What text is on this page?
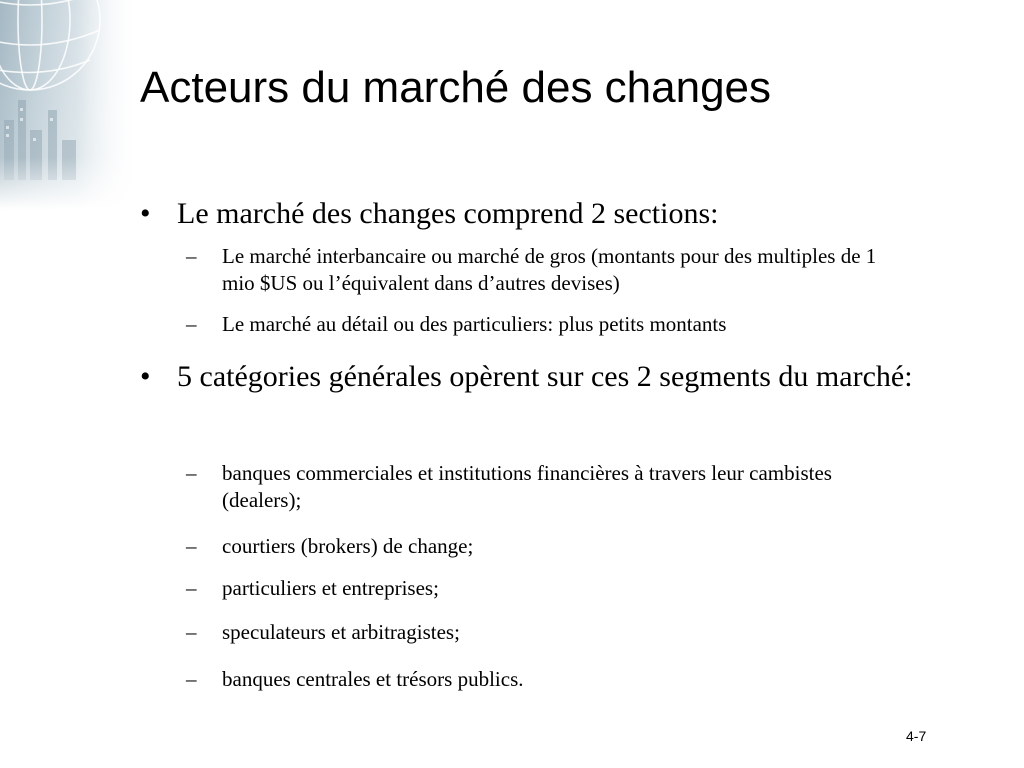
Acteurs du marché des changes
• Le marché des changes comprend 2 sections:
–	Le marché interbancaire ou marché de gros (montants pour des multiples de 1 mio $US ou l’équivalent dans d’autres devises)
–	Le marché au détail ou des particuliers: plus petits montants
• 5 catégories générales opèrent sur ces 2 segments du marché:
–	banques commerciales et institutions financières à travers leur cambistes (dealers);
–	courtiers (brokers) de change;
–	particuliers et entreprises;
–	speculateurs et arbitragistes;
–	banques centrales et trésors publics.
4-7
